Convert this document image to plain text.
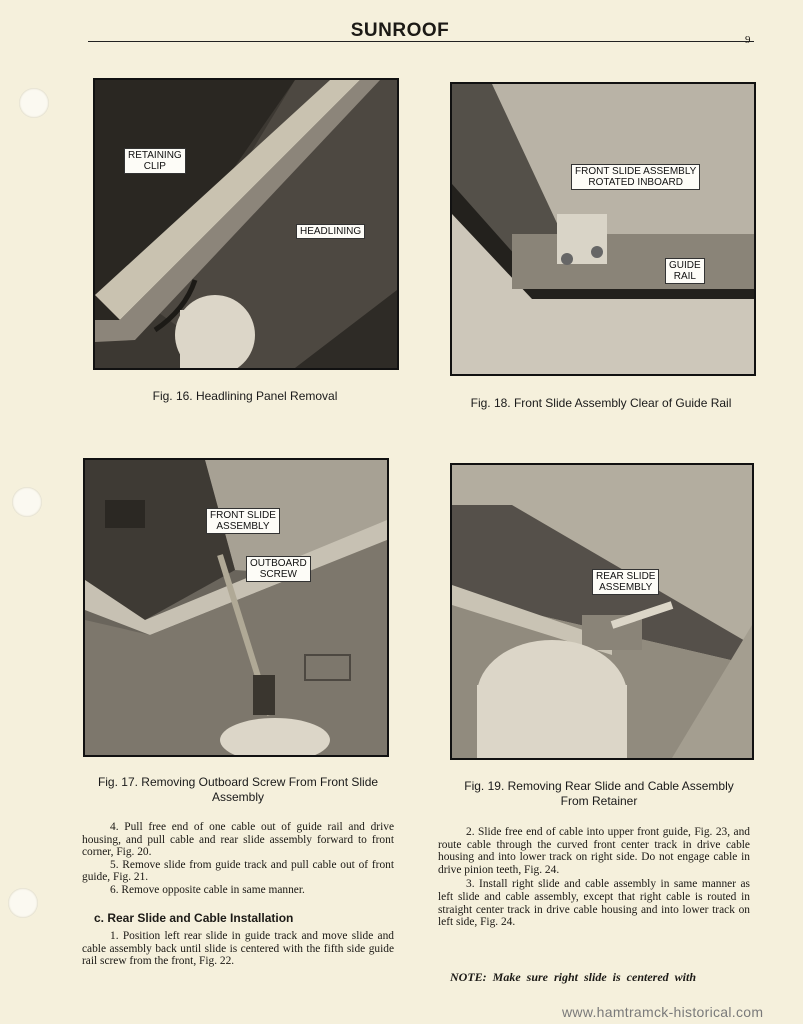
SUNROOF	9
RETAINING
CLIP
HEADLINING
Fig. 16. Headlining Panel Removal
FRONT SLIDE ASSEMBLY
ROTATED INBOARD
GUIDE
RAIL
Fig. 18. Front Slide Assembly Clear of Guide Rail
FRONT SLIDE
ASSEMBLY
OUTBOARD
SCREW
Fig. 17. Removing Outboard Screw From Front Slide
Assembly
REAR SLIDE
ASSEMBLY
Fig. 19. Removing Rear Slide and Cable Assembly
From Retainer

4. Pull free end of one cable out of guide rail and drive housing, and pull cable and rear slide assembly forward to front corner, Fig. 20.

5. Remove slide from guide track and pull cable out of front guide, Fig. 21.

6. Remove opposite cable in same manner.

c. Rear Slide and Cable Installation

1. Position left rear slide in guide track and move slide and cable assembly back until slide is centered with the fifth side guide rail screw from the front, Fig. 22.

2. Slide free end of cable into upper front guide, Fig. 23, and route cable through the curved front center track in drive cable housing and into lower track on right side. Do not engage cable in drive pinion teeth, Fig. 24.

3. Install right slide and cable assembly in same manner as left slide and cable assembly, except that right cable is routed in straight center track in drive cable housing and into lower track on left side, Fig. 24.

NOTE:  Make  sure  right  slide  is  centered  with
www.hamtramck-historical.com
